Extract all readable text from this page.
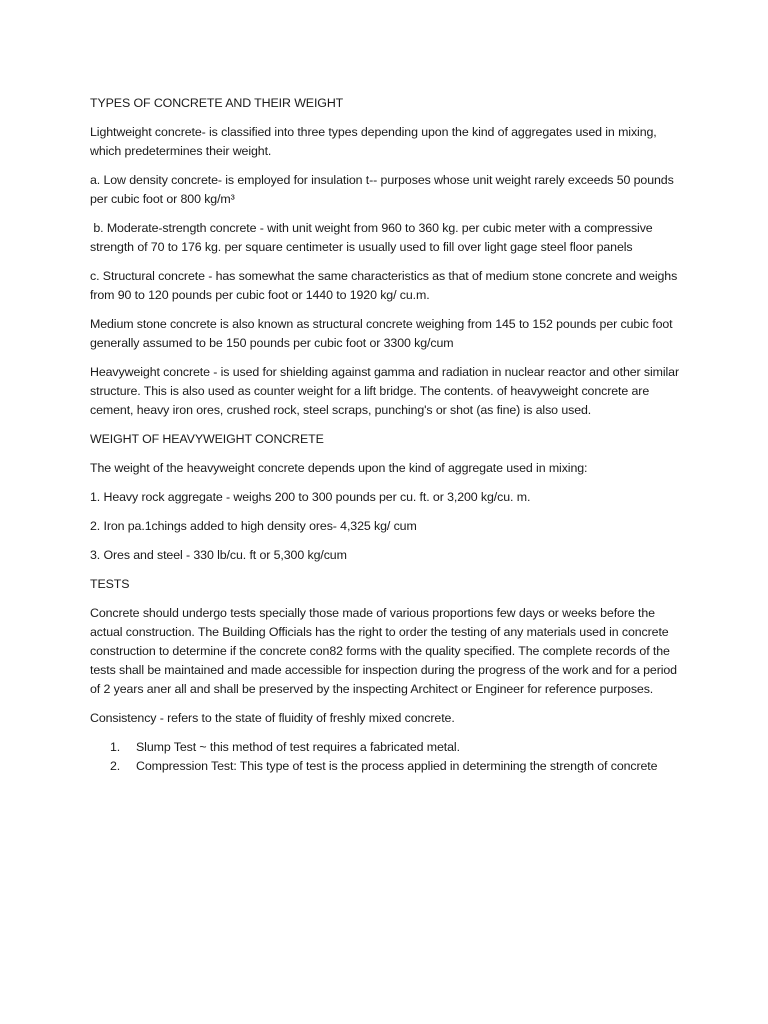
TYPES OF CONCRETE AND THEIR WEIGHT

Lightweight concrete- is classified into three types depending upon the kind of aggregates used in mixing, which predetermines their weight.

a. Low density concrete- is employed for insulation t-- purposes whose unit weight rarely exceeds 50 pounds per cubic foot or 800 kg/m³

b. Moderate-strength concrete - with unit weight from 960 to 360 kg. per cubic meter with a compressive strength of 70 to 176 kg. per square centimeter is usually used to fill over light gage steel floor panels

c. Structural concrete - has somewhat the same characteristics as that of medium stone concrete and weighs from 90 to 120 pounds per cubic foot or 1440 to 1920 kg/ cu.m.

Medium stone concrete is also known as structural concrete weighing from 145 to 152 pounds per cubic foot generally assumed to be 150 pounds per cubic foot or 3300 kg/cum

Heavyweight concrete - is used for shielding against gamma and radiation in nuclear reactor and other similar structure. This is also used as counter weight for a lift bridge. The contents. of heavyweight concrete are cement, heavy iron ores, crushed rock, steel scraps, punching's or shot (as fine) is also used.

WEIGHT OF HEAVYWEIGHT CONCRETE

The weight of the heavyweight concrete depends upon the kind of aggregate used in mixing:

1. Heavy rock aggregate - weighs 200 to 300 pounds per cu. ft. or 3,200 kg/cu. m.

2. Iron pa.1chings added to high density ores- 4,325 kg/ cum

3. Ores and steel - 330 lb/cu. ft or 5,300 kg/cum

TESTS

Concrete should undergo tests specially those made of various proportions few days or weeks before the actual construction. The Building Officials has the right to order the testing of any materials used in concrete construction to determine if the concrete con82 forms with the quality specified. The complete records of the tests shall be maintained and made accessible for inspection during the progress of the work and for a period of 2 years aner all and shall be preserved by the inspecting Architect or Engineer for reference purposes.

Consistency - refers to the state of fluidity of freshly mixed concrete.

1.	Slump Test ~ this method of test requires a fabricated metal.
2.	Compression Test: This type of test is the process applied in determining the strength of concrete
